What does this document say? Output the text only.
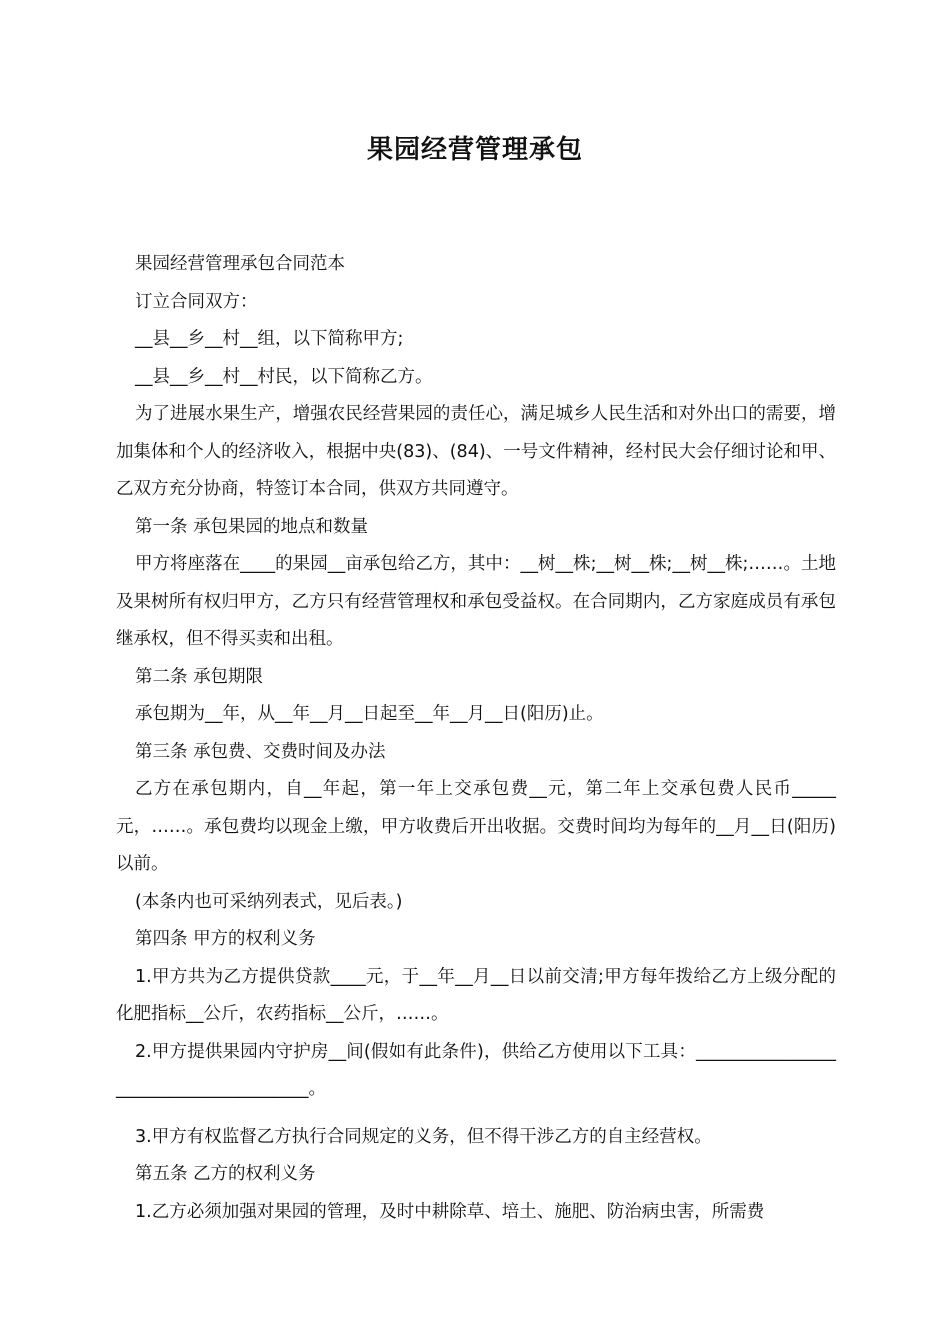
果园经营管理承包

果园经营管理承包合同范本

订立合同双方：

__县__乡__村__组，以下简称甲方;

__县__乡__村__村民，以下简称乙方。

为了进展水果生产，增强农民经营果园的责任心，满足城乡人民生活和对外出口的需要，增加集体和个人的经济收入，根据中央(83)、(84)、一号文件精神，经村民大会仔细讨论和甲、乙双方充分协商，特签订本合同，供双方共同遵守。

第一条 承包果园的地点和数量

甲方将座落在____的果园__亩承包给乙方，其中：__树__株;__树__株;__树__株;……。土地及果树所有权归甲方，乙方只有经营管理权和承包受益权。在合同期内，乙方家庭成员有承包继承权，但不得买卖和出租。

第二条 承包期限

承包期为__年，从__年__月__日起至__年__月__日(阳历)止。

第三条 承包费、交费时间及办法

乙方在承包期内，自__年起，第一年上交承包费__元，第二年上交承包费人民币_____元，……。承包费均以现金上缴，甲方收费后开出收据。交费时间均为每年的__月__日(阳历)以前。

(本条内也可采纳列表式，见后表。)

第四条 甲方的权利义务

1.甲方共为乙方提供贷款____元，于__年__月__日以前交清;甲方每年拨给乙方上级分配的化肥指标__公斤，农药指标__公斤，……。

2.甲方提供果园内守护房__间(假如有此条件)，供给乙方使用以下工具：______________________________________。

3.甲方有权监督乙方执行合同规定的义务，但不得干涉乙方的自主经营权。

第五条 乙方的权利义务

1.乙方必须加强对果园的管理，及时中耕除草、培土、施肥、防治病虫害，所需费
